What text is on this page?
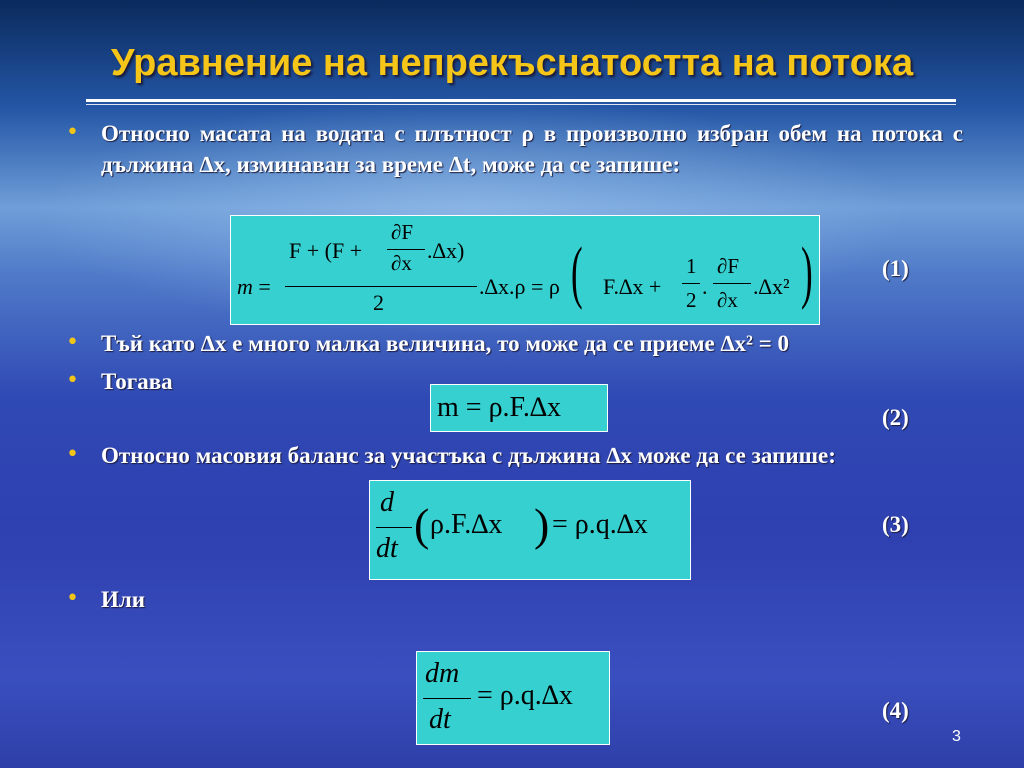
Уравнение на непрекъснатостта на потока
• Относно масата на водата с плътност ρ в произволно избран обем на потока с дължина ∆x, изминаван за време ∆t, може да се запише:
m =
F + (F +
∂F
∂x .∆x)
2
.∆x.ρ = ρ ( F.∆x +
1
2
.
∂F
∂x
.∆x² )	(1)
• Тъй като ∆x е много малка величина, то може да се приеме ∆x² = 0
• Тогава
m = ρ.F.∆x	(2)
• Относно масовия баланс за участъка с дължина ∆x може да се запише:
d
dt ( ρ.F.∆x ) = ρ.q.∆x	(3)
• Или
dm
dt
= ρ.q.∆x	(4)
3
